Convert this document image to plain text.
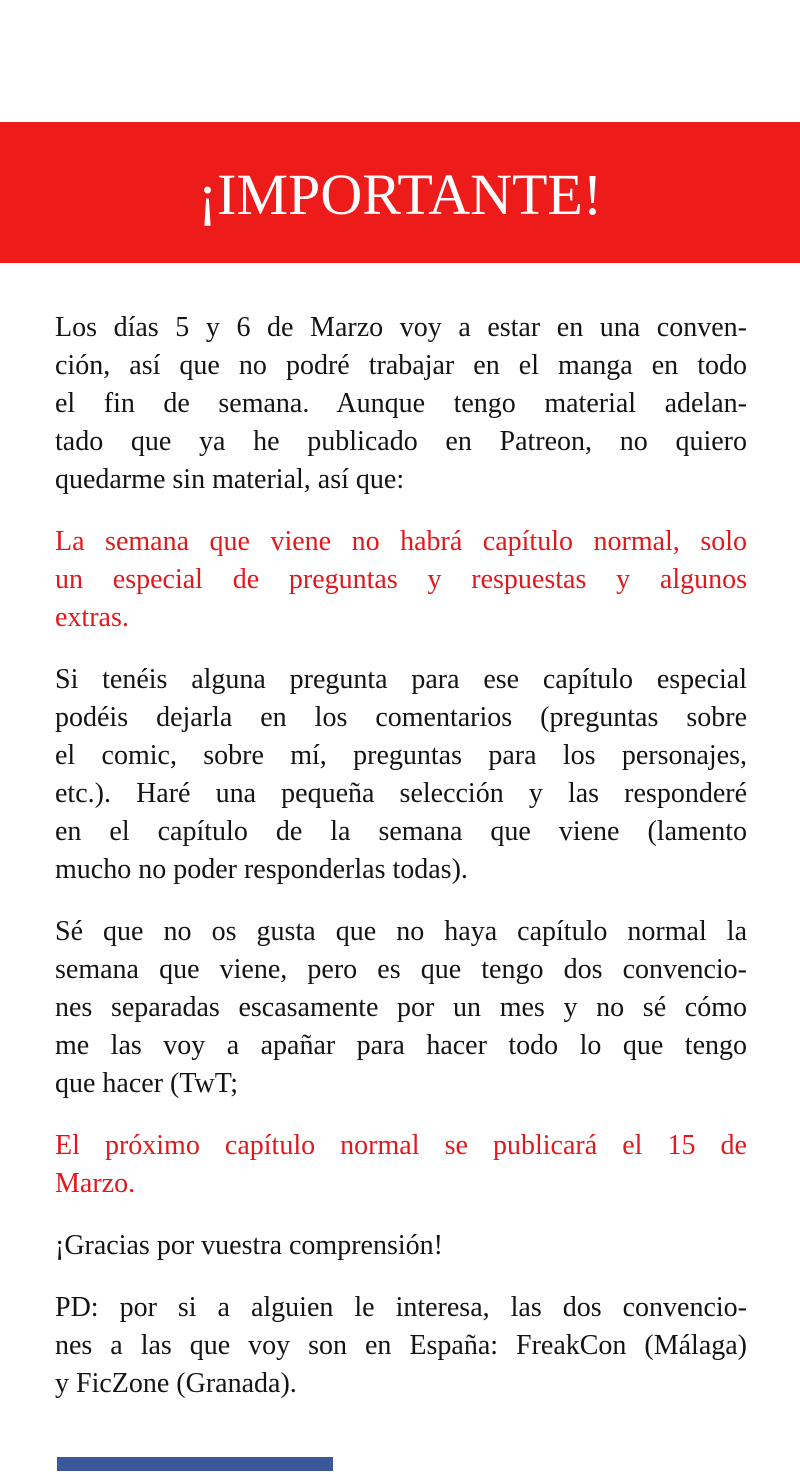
¡IMPORTANTE!
Los días 5 y 6 de Marzo voy a estar en una conven-
ción, así que no podré trabajar en el manga en todo
el fin de semana. Aunque tengo material adelan-
tado que ya he publicado en Patreon, no quiero
quedarme sin material, así que:
La semana que viene no habrá capítulo normal, solo
un especial de preguntas y respuestas y algunos
extras.
Si tenéis alguna pregunta para ese capítulo especial
podéis dejarla en los comentarios (preguntas sobre
el comic, sobre mí, preguntas para los personajes,
etc.). Haré una pequeña selección y las responderé
en el capítulo de la semana que viene (lamento
mucho no poder responderlas todas).
Sé que no os gusta que no haya capítulo normal la
semana que viene, pero es que tengo dos convencio-
nes separadas escasamente por un mes y no sé cómo
me las voy a apañar para hacer todo lo que tengo
que hacer (TwT;
El próximo capítulo normal se publicará el 15 de
Marzo.
¡Gracias por vuestra comprensión!
PD: por si a alguien le interesa, las dos convencio-
nes a las que voy son en España: FreakCon (Málaga)
y FicZone (Granada).
